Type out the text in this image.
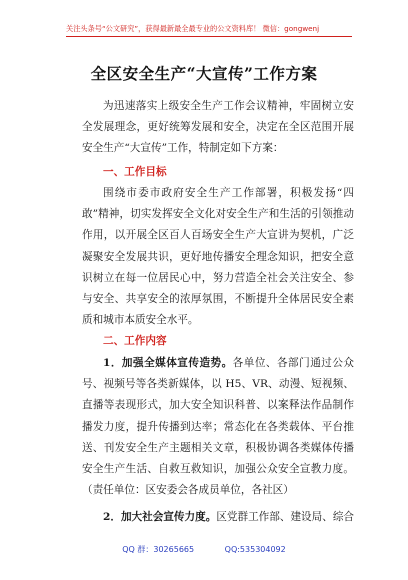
关注头条号“公文研究”，获得最新最全最专业的公文资料库！ 微信：gongwenj
全区安全生产“大宣传”工作方案
为迅速落实上级安全生产工作会议精神，牢固树立安全发展理念，更好统筹发展和安全，决定在全区范围开展安全生产“大宣传”工作，特制定如下方案：
一、工作目标
围绕市委市政府安全生产工作部署，积极发扬“四敢”精神，切实发挥安全文化对安全生产和生活的引领推动作用，以开展全区百人百场安全生产大宣讲为契机，广泛凝聚安全发展共识，更好地传播安全理念知识，把安全意识树立在每一位居民心中，努力营造全社会关注安全、参与安全、共享安全的浓厚氛围，不断提升全体居民安全素质和城市本质安全水平。
二、工作内容
1．加强全媒体宣传造势。各单位、各部门通过公众号、视频号等各类新媒体，以 H5、VR、动漫、短视频、直播等表现形式，加大安全知识科普、以案释法作品制作播发力度，提升传播到达率；常态化在各类载体、平台推送、刊发安全生产主题相关文章，积极协调各类媒体传播安全生产生活、自救互救知识，加强公众安全宣教力度。（责任单位：区安委会各成员单位，各社区）
2．加大社会宣传力度。区党群工作部、建设局、综合
QQ 群：30265665	QQ:535304092
